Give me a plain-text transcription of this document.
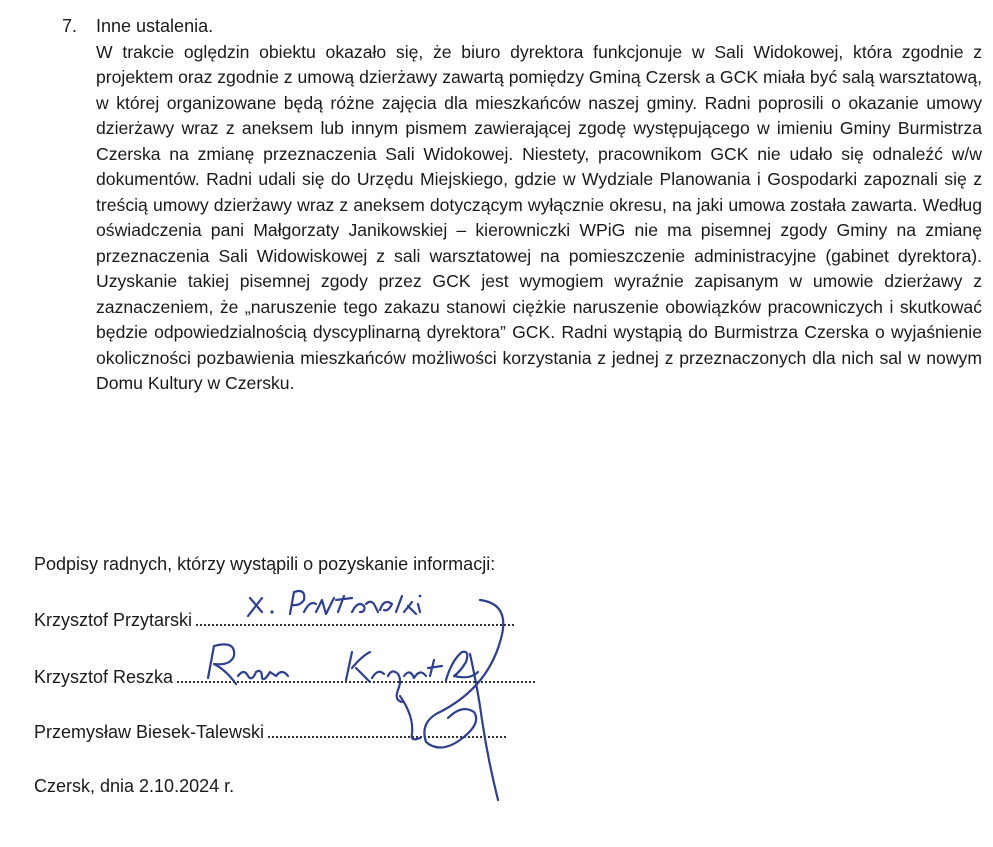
7.	Inne ustalenia.
W trakcie oględzin obiektu okazało się, że biuro dyrektora funkcjonuje w Sali Widokowej, która zgodnie z projektem oraz zgodnie z umową dzierżawy zawartą pomiędzy Gminą Czersk a GCK miała być salą warsztatową, w której organizowane będą różne zajęcia dla mieszkańców naszej gminy. Radni poprosili o okazanie umowy dzierżawy wraz z aneksem lub innym pismem zawierającej zgodę występującego w imieniu Gminy Burmistrza Czerska na zmianę przeznaczenia Sali Widokowej. Niestety, pracownikom GCK nie udało się odnaleźć w/w dokumentów. Radni udali się do Urzędu Miejskiego, gdzie w Wydziale Planowania i Gospodarki zapoznali się z treścią umowy dzierżawy wraz z aneksem dotyczącym wyłącznie okresu, na jaki umowa została zawarta. Według oświadczenia pani Małgorzaty Janikowskiej – kierowniczki WPiG nie ma pisemnej zgody Gminy na zmianę przeznaczenia Sali Widowiskowej z sali warsztatowej na pomieszczenie administracyjne (gabinet dyrektora). Uzyskanie takiej pisemnej zgody przez GCK jest wymogiem wyraźnie zapisanym w umowie dzierżawy z zaznaczeniem, że „naruszenie tego zakazu stanowi ciężkie naruszenie obowiązków pracowniczych i skutkować będzie odpowiedzialnością dyscyplinarną dyrektora” GCK. Radni wystąpią do Burmistrza Czerska o wyjaśnienie okoliczności pozbawienia mieszkańców możliwości korzystania z jednej z przeznaczonych dla nich sal w nowym Domu Kultury w Czersku.
Podpisy radnych, którzy wystąpili o pozyskanie informacji:
Krzysztof Przytarski
Krzysztof Reszka
Przemysław Biesek-Talewski
Czersk, dnia 2.10.2024 r.
